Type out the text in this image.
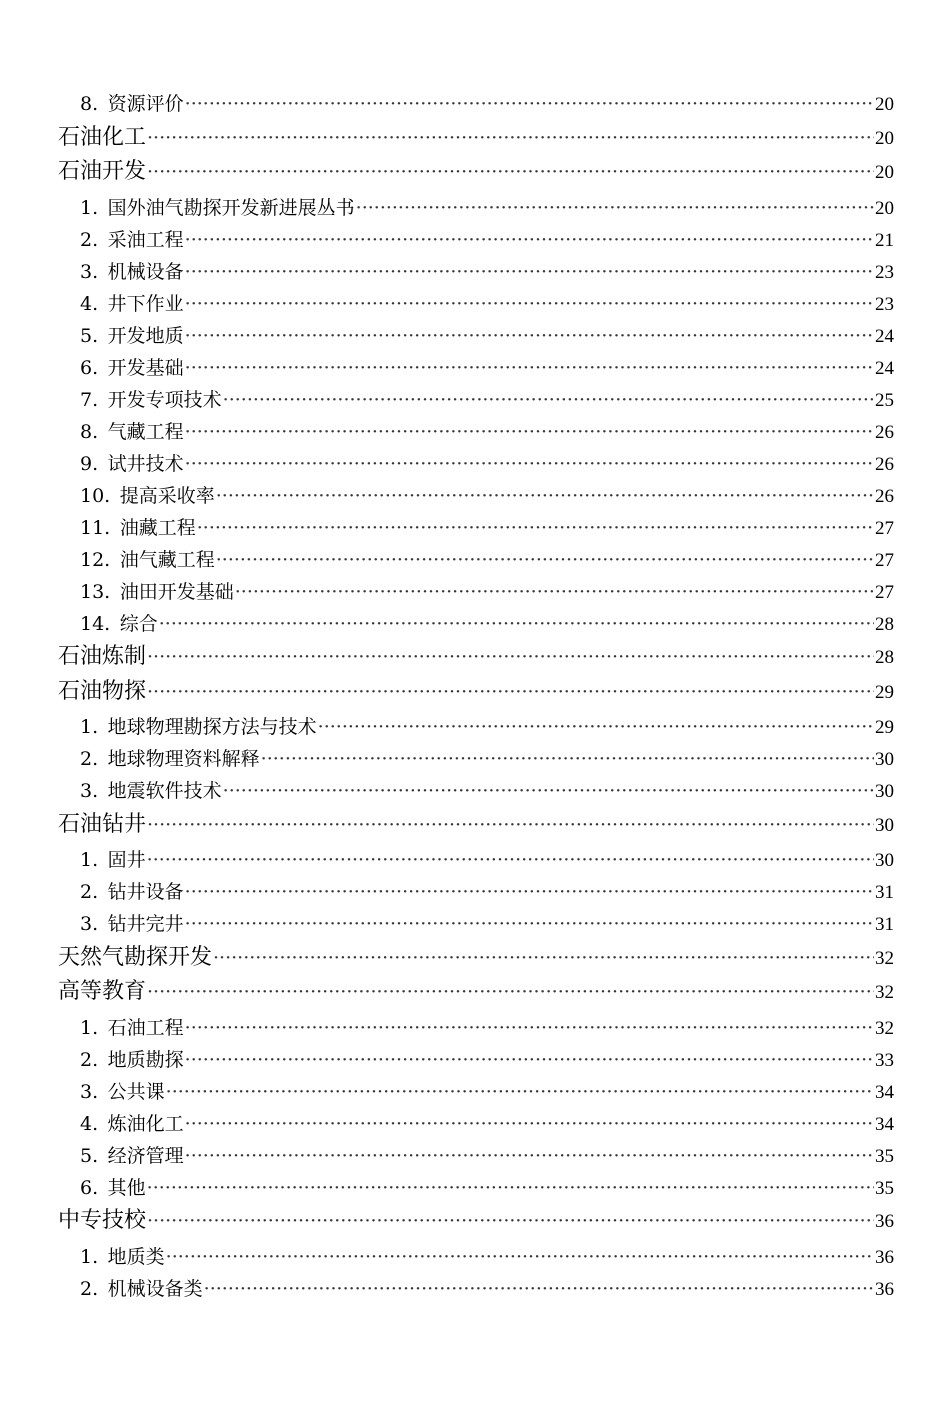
8. 资源评价 ·····	20
石油化工 ·····	20
石油开发 ·····	20
1. 国外油气勘探开发新进展丛书 ·····	20
2. 采油工程 ·····	21
3. 机械设备 ·····	23
4. 井下作业 ·····	23
5. 开发地质 ·····	24
6. 开发基础 ·····	24
7. 开发专项技术 ·····	25
8. 气藏工程 ·····	26
9. 试井技术 ·····	26
10. 提高采收率 ·····	26
11. 油藏工程 ·····	27
12. 油气藏工程 ·····	27
13. 油田开发基础 ·····	27
14. 综合 ·····	28
石油炼制 ·····	28
石油物探 ·····	29
1. 地球物理勘探方法与技术 ·····	29
2. 地球物理资料解释 ·····	30
3. 地震软件技术 ·····	30
石油钻井 ·····	30
1. 固井 ·····	30
2. 钻井设备 ·····	31
3. 钻井完井 ·····	31
天然气勘探开发 ·····	32
高等教育 ·····	32
1. 石油工程 ·····	32
2. 地质勘探 ·····	33
3. 公共课 ·····	34
4. 炼油化工 ·····	34
5. 经济管理 ·····	35
6. 其他 ·····	35
中专技校 ·····	36
1. 地质类 ·····	36
2. 机械设备类 ·····	36
